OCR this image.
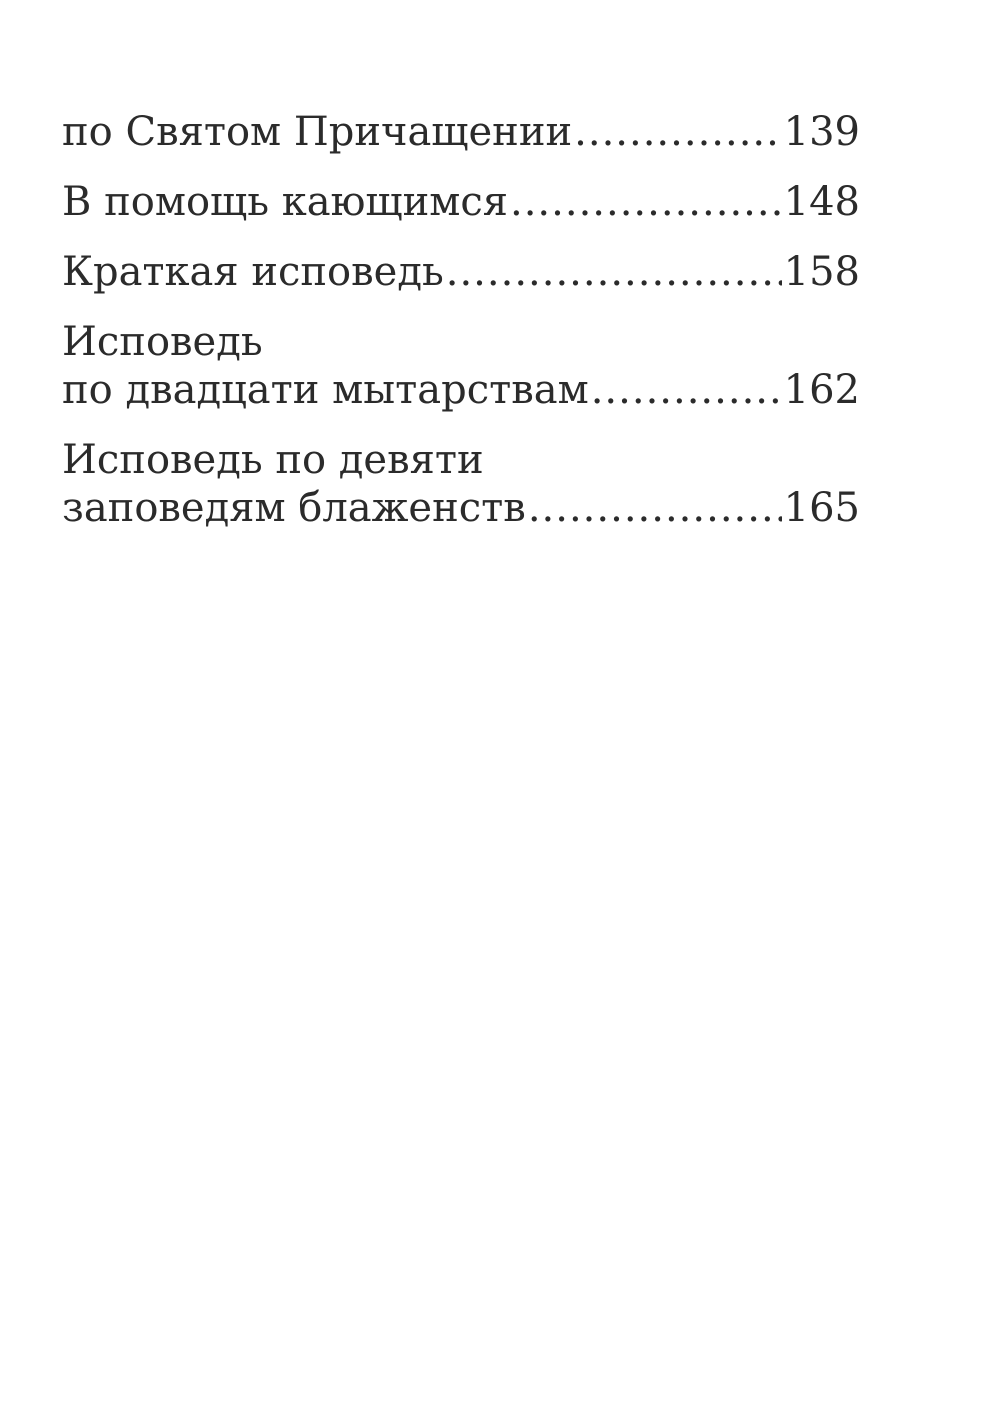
по Святом Причащении .....	139
В помощь кающимся .....	148
Краткая исповедь .....	158
Исповедь
по двадцати мытарствам .....	162
Исповедь по девяти
заповедям блаженств .....	165
